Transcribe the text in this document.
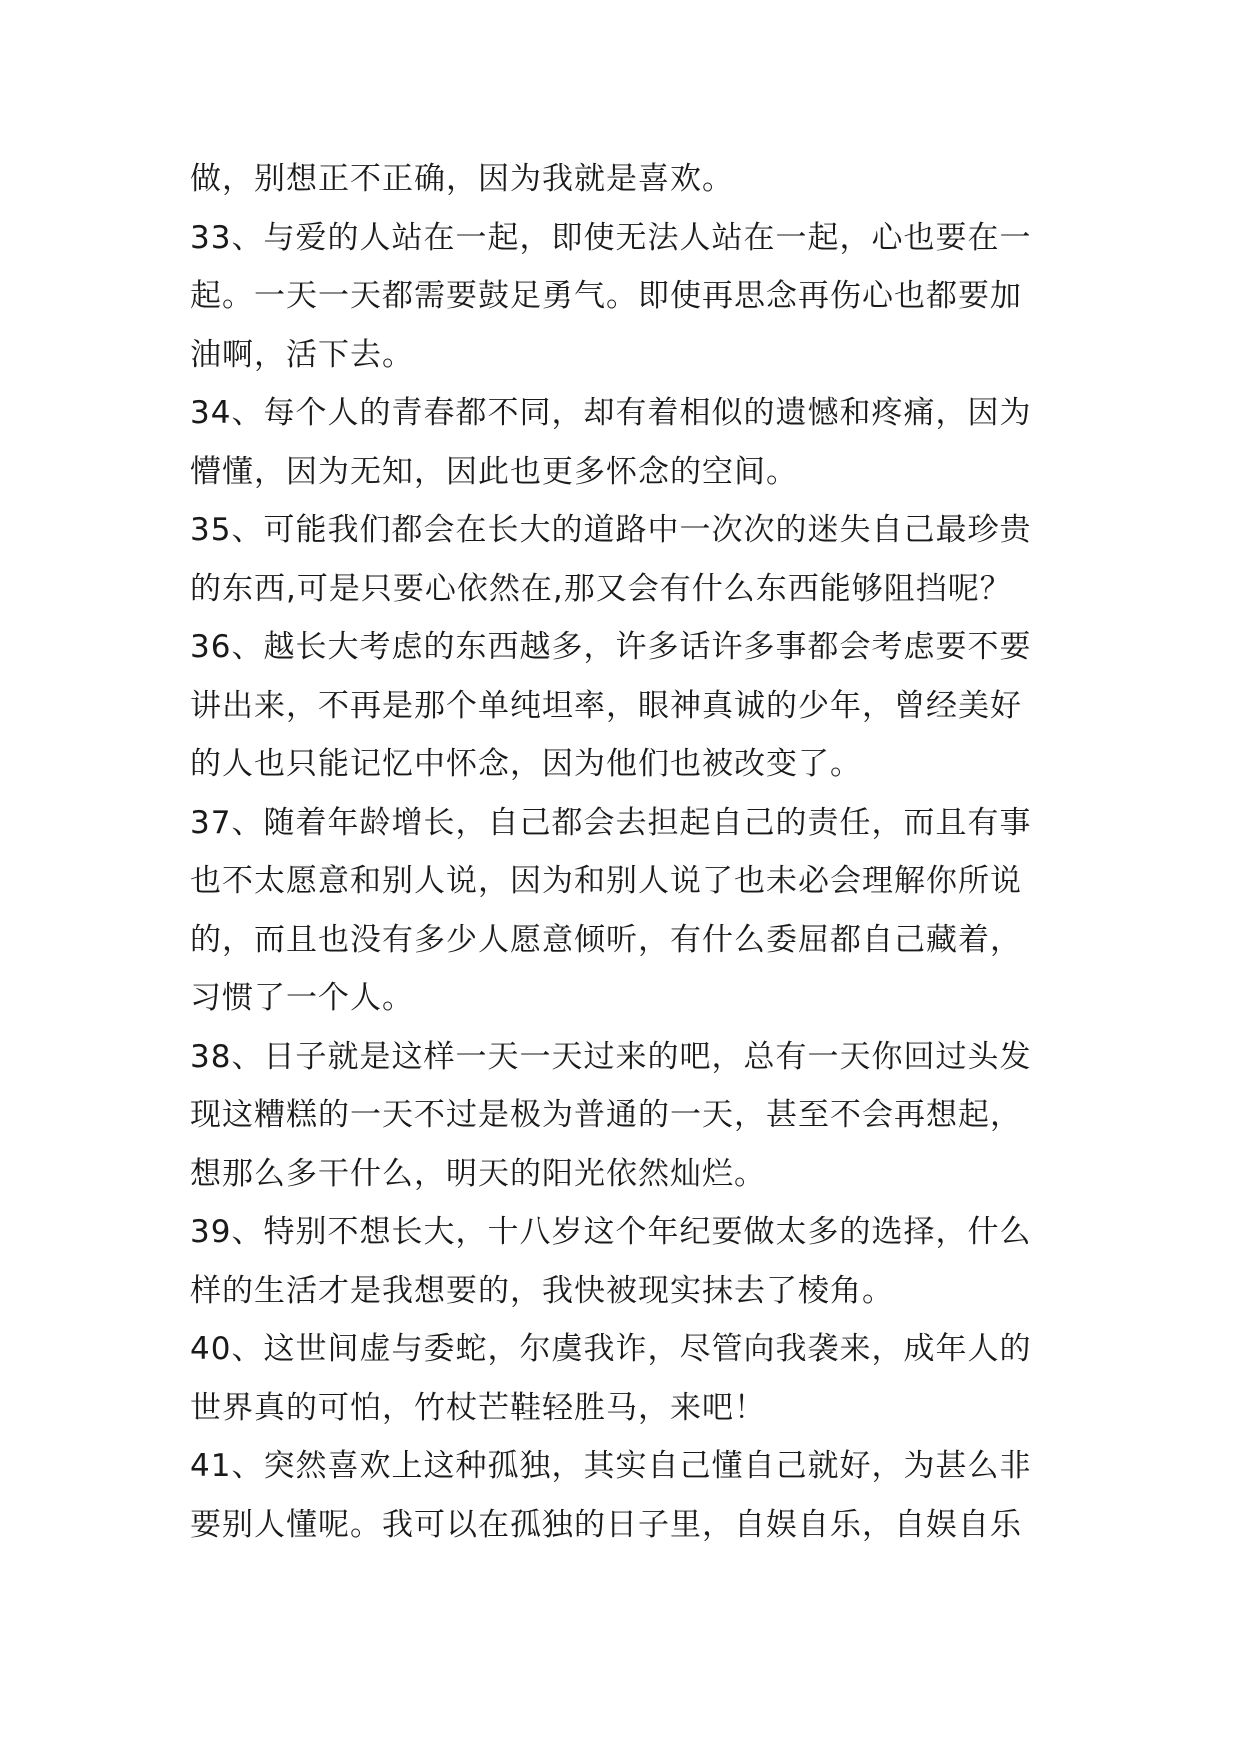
做，别想正不正确，因为我就是喜欢。
33、与爱的人站在一起，即使无法人站在一起，心也要在一
起。一天一天都需要鼓足勇气。即使再思念再伤心也都要加
油啊，活下去。
34、每个人的青春都不同，却有着相似的遗憾和疼痛，因为
懵懂，因为无知，因此也更多怀念的空间。
35、可能我们都会在长大的道路中一次次的迷失自己最珍贵
的东西,可是只要心依然在,那又会有什么东西能够阻挡呢？
36、越长大考虑的东西越多，许多话许多事都会考虑要不要
讲出来，不再是那个单纯坦率，眼神真诚的少年，曾经美好
的人也只能记忆中怀念，因为他们也被改变了。
37、随着年龄增长，自己都会去担起自己的责任，而且有事
也不太愿意和别人说，因为和别人说了也未必会理解你所说
的，而且也没有多少人愿意倾听，有什么委屈都自己藏着，
习惯了一个人。
38、日子就是这样一天一天过来的吧，总有一天你回过头发
现这糟糕的一天不过是极为普通的一天，甚至不会再想起，
想那么多干什么，明天的阳光依然灿烂。
39、特别不想长大，十八岁这个年纪要做太多的选择，什么
样的生活才是我想要的，我快被现实抹去了棱角。
40、这世间虚与委蛇，尔虞我诈，尽管向我袭来，成年人的
世界真的可怕，竹杖芒鞋轻胜马，来吧！
41、突然喜欢上这种孤独，其实自己懂自己就好，为甚么非
要别人懂呢。我可以在孤独的日子里，自娱自乐，自娱自乐
